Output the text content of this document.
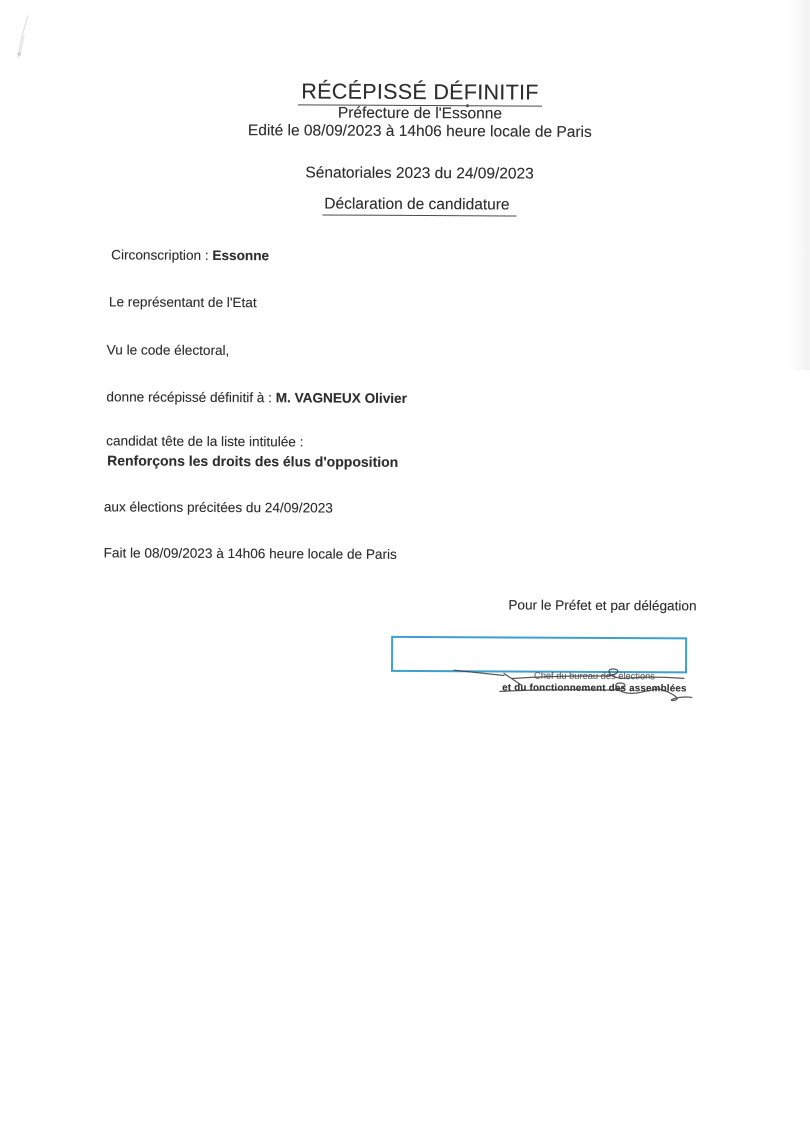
RÉCÉPISSÉ DÉFINITIF
Préfecture de l'Essonne
Edité le 08/09/2023 à 14h06 heure locale de Paris
Sénatoriales 2023 du 24/09/2023
Déclaration de candidature
Circonscription : Essonne
Le représentant de l'Etat
Vu le code électoral,
donne récépissé définitif à : M. VAGNEUX Olivier
candidat tête de la liste intitulée :
Renforçons les droits des élus d'opposition
aux élections précitées du 24/09/2023
Fait le 08/09/2023 à 14h06 heure locale de Paris
Pour le Préfet et par délégation
Chef du bureau des élections
et du fonctionnement des assemblées
